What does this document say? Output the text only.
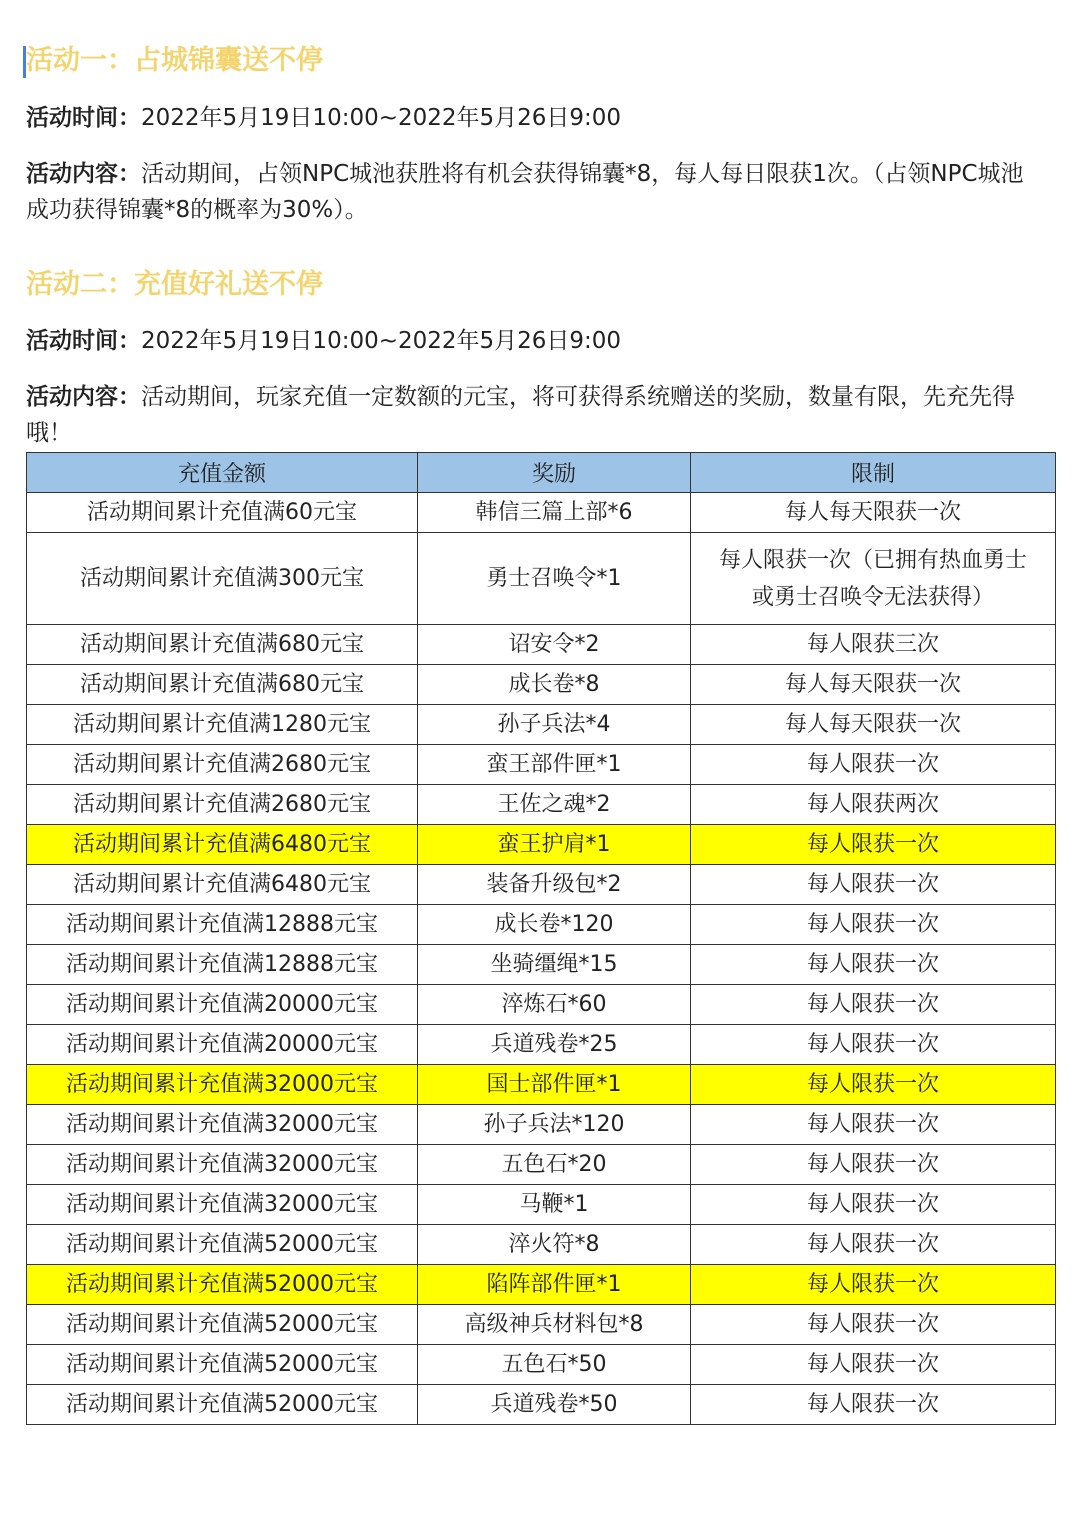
活动一：占城锦囊送不停

活动时间：2022年5月19日10:00~2022年5月26日9:00

活动内容：活动期间，占领NPC城池获胜将有机会获得锦囊*8，每人每日限获1次。（占领NPC城池成功获得锦囊*8的概率为30%）。

活动二：充值好礼送不停

活动时间：2022年5月19日10:00~2022年5月26日9:00

活动内容：活动期间，玩家充值一定数额的元宝，将可获得系统赠送的奖励，数量有限，先充先得哦！

充值金额	奖励	限制
活动期间累计充值满60元宝	韩信三篇上部*6	每人每天限获一次
活动期间累计充值满300元宝	勇士召唤令*1	每人限获一次（已拥有热血勇士或勇士召唤令无法获得）
活动期间累计充值满680元宝	诏安令*2	每人限获三次
活动期间累计充值满680元宝	成长卷*8	每人每天限获一次
活动期间累计充值满1280元宝	孙子兵法*4	每人每天限获一次
活动期间累计充值满2680元宝	蛮王部件匣*1	每人限获一次
活动期间累计充值满2680元宝	王佐之魂*2	每人限获两次
活动期间累计充值满6480元宝	蛮王护肩*1	每人限获一次
活动期间累计充值满6480元宝	装备升级包*2	每人限获一次
活动期间累计充值满12888元宝	成长卷*120	每人限获一次
活动期间累计充值满12888元宝	坐骑缰绳*15	每人限获一次
活动期间累计充值满20000元宝	淬炼石*60	每人限获一次
活动期间累计充值满20000元宝	兵道残卷*25	每人限获一次
活动期间累计充值满32000元宝	国士部件匣*1	每人限获一次
活动期间累计充值满32000元宝	孙子兵法*120	每人限获一次
活动期间累计充值满32000元宝	五色石*20	每人限获一次
活动期间累计充值满32000元宝	马鞭*1	每人限获一次
活动期间累计充值满52000元宝	淬火符*8	每人限获一次
活动期间累计充值满52000元宝	陷阵部件匣*1	每人限获一次
活动期间累计充值满52000元宝	高级神兵材料包*8	每人限获一次
活动期间累计充值满52000元宝	五色石*50	每人限获一次
活动期间累计充值满52000元宝	兵道残卷*50	每人限获一次
